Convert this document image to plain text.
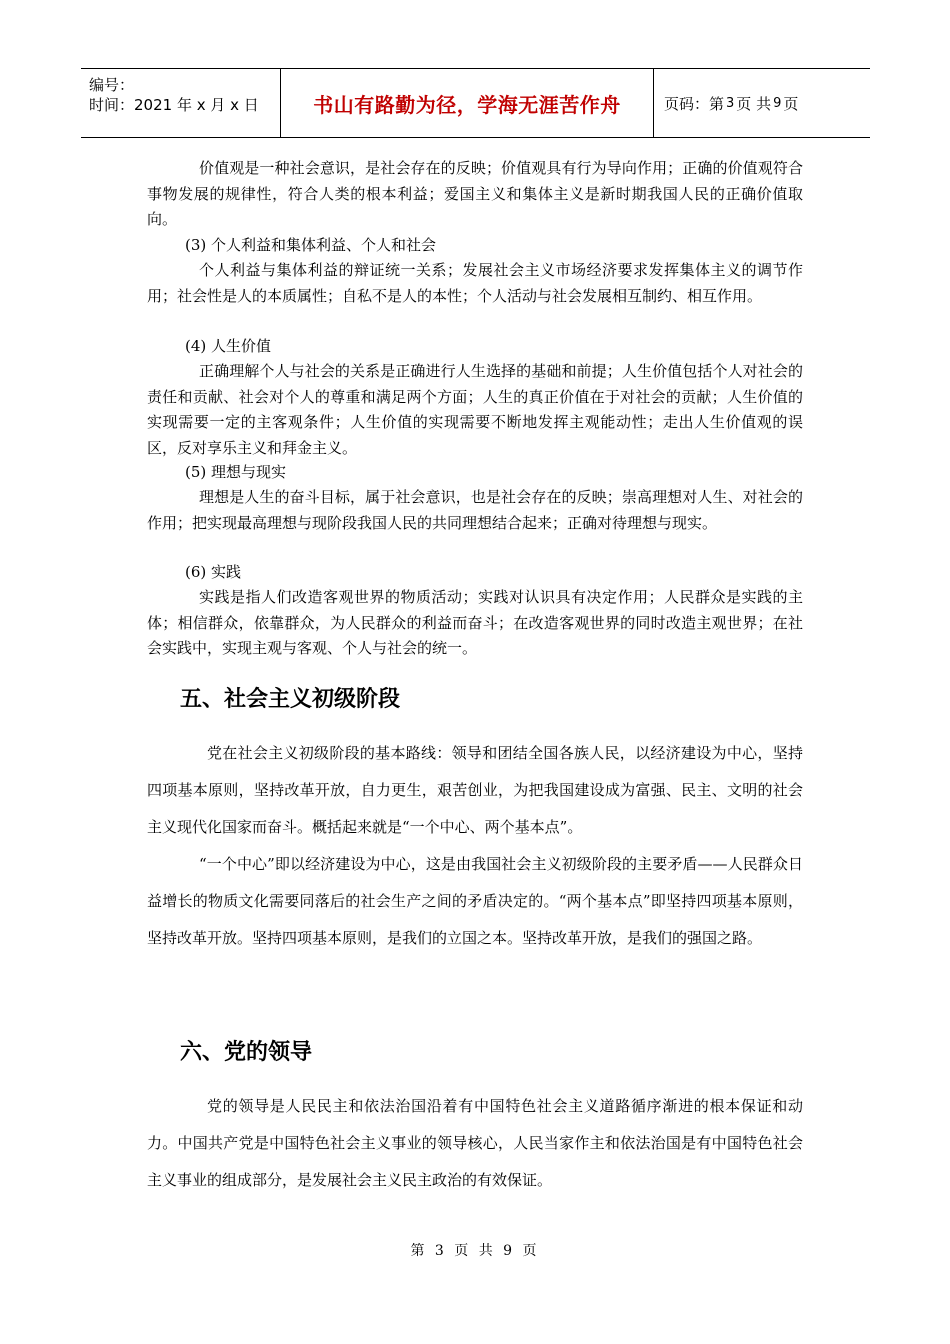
编号：
时间：2021 年 x 月 x 日	书山有路勤为径，学海无涯苦作舟	页码：第 3 页 共 9 页

价值观是一种社会意识，是社会存在的反映；价值观具有行为导向作用；正确的价值观符合事物发展的规律性，符合人类的根本利益；爱国主义和集体主义是新时期我国人民的正确价值取向。

(3) 个人利益和集体利益、个人和社会

个人利益与集体利益的辩证统一关系；发展社会主义市场经济要求发挥集体主义的调节作用；社会性是人的本质属性；自私不是人的本性；个人活动与社会发展相互制约、相互作用。

(4) 人生价值

正确理解个人与社会的关系是正确进行人生选择的基础和前提；人生价值包括个人对社会的责任和贡献、社会对个人的尊重和满足两个方面；人生的真正价值在于对社会的贡献；人生价值的实现需要一定的主客观条件；人生价值的实现需要不断地发挥主观能动性；走出人生价值观的误区，反对享乐主义和拜金主义。

(5) 理想与现实

理想是人生的奋斗目标，属于社会意识，也是社会存在的反映；崇高理想对人生、对社会的作用；把实现最高理想与现阶段我国人民的共同理想结合起来；正确对待理想与现实。

(6) 实践

实践是指人们改造客观世界的物质活动；实践对认识具有决定作用；人民群众是实践的主体；相信群众，依靠群众，为人民群众的利益而奋斗；在改造客观世界的同时改造主观世界；在社会实践中，实现主观与客观、个人与社会的统一。

五、社会主义初级阶段

党在社会主义初级阶段的基本路线：领导和团结全国各族人民，以经济建设为中心，坚持四项基本原则，坚持改革开放，自力更生，艰苦创业，为把我国建设成为富强、民主、文明的社会主义现代化国家而奋斗。概括起来就是“一个中心、两个基本点”。

“一个中心”即以经济建设为中心，这是由我国社会主义初级阶段的主要矛盾——人民群众日益增长的物质文化需要同落后的社会生产之间的矛盾决定的。“两个基本点”即坚持四项基本原则，坚持改革开放。坚持四项基本原则，是我们的立国之本。坚持改革开放，是我们的强国之路。

六、党的领导

党的领导是人民民主和依法治国沿着有中国特色社会主义道路循序渐进的根本保证和动力。中国共产党是中国特色社会主义事业的领导核心，人民当家作主和依法治国是有中国特色社会主义事业的组成部分，是发展社会主义民主政治的有效保证。

第 3 页 共 9 页
